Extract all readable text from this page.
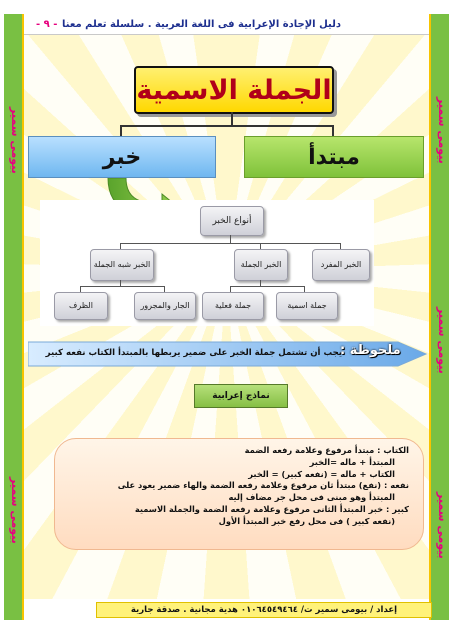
بيومى سمير
بيومى سمير
بيومى سمير
بيومى سمير
بيومى سمير
- ٩ - دليل الإجادة الإعرابية فى اللغة العربية . سلسلة تعلم معنا
الجملة الاسمية
خبر	مبتدأ
أنواع الخبر
الخبر شبه الجملة	الخبر الجملة	الخبر المفرد
الظرف	الجار والمجرور	جملة فعلية	جملة اسمية
ملحوظة :
يجب أن تشتمل جملة الخبر على ضمير يربطها بالمبتدأ الكتاب نفعه كبير
نماذج إعرابية
الكتاب : مبتدأ مرفوع وعلامة رفعه الضمة
المبتدأ + ماله =الخبر
الكتاب + ماله = (نفعه كبير) = الخبر
نفعه : (نفع) مبتدأ ثان مرفوع وعلامة رفعه الضمة والهاء ضمير يعود على
المبتدأ وهو مبنى فى محل جر مضاف إليه
كبير : خبر المبتدأ الثانى مرفوع وعلامة رفعه الضمة والجملة الاسمية
(نفعه كبير ) فى محل رفع خبر المبتدأ الأول
إعداد / بيومى سمير ت/ ٠١٠٦٤٥٤٩٤٦٤ هدية مجانية . صدقة جارية
